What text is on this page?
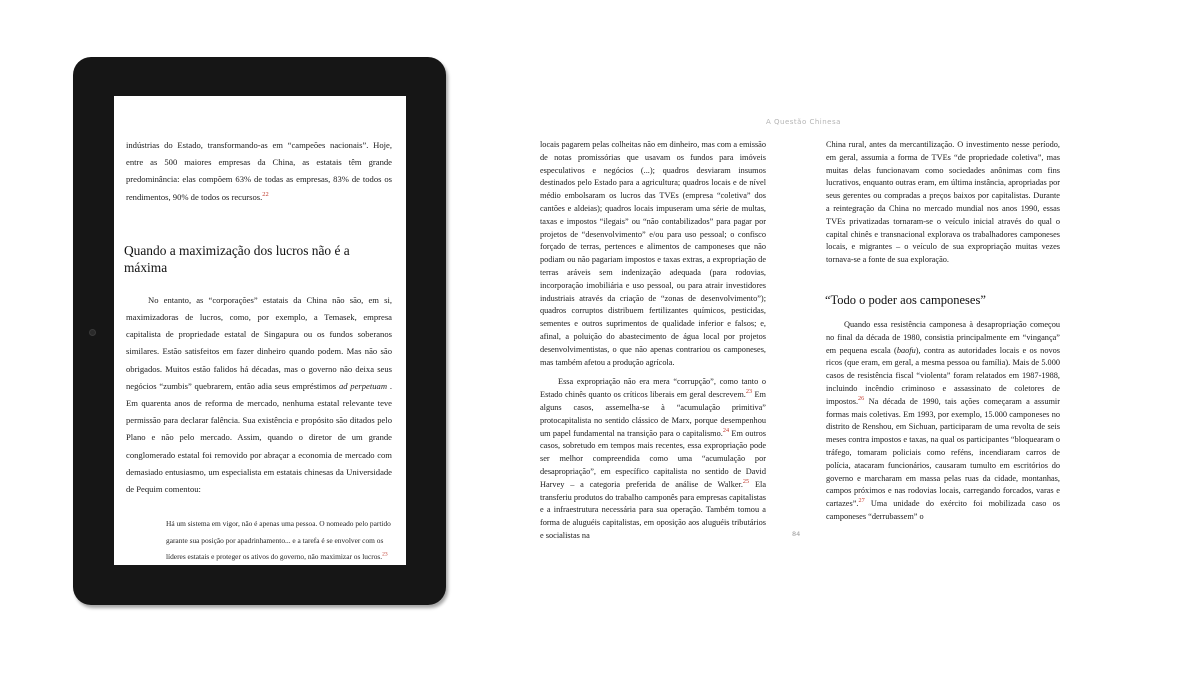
indústrias do Estado, transformando-as em “campeões nacionais”. Hoje, entre as 500 maiores empresas da China, as estatais têm grande predominância: elas compõem 63% de todas as empresas, 83% de todos os rendimentos, 90% de todos os recursos.$^{22}$

Quando a maximização dos lucros não é a máxima

No entanto, as “corporações” estatais da China não são, em si, maximizadoras de lucros, como, por exemplo, a Temasek, empresa capitalista de propriedade estatal de Singapura ou os fundos soberanos similares. Estão satisfeitos em fazer dinheiro quando podem. Mas não são obrigados. Muitos estão falidos há décadas, mas o governo não deixa seus negócios “zumbis” quebrarem, então adia seus empréstimos ad perpetuam . Em quarenta anos de reforma de mercado, nenhuma estatal relevante teve permissão para declarar falência. Sua existência e propósito são ditados pelo Plano e não pelo mercado. Assim, quando o diretor de um grande conglomerado estatal foi removido por abraçar a economia de mercado com demasiado entusiasmo, um especialista em estatais chinesas da Universidade de Pequim comentou:

Há um sistema em vigor, não é apenas uma pessoa. O nomeado pelo partido garante sua posição por apadrinhamento... e a tarefa é se envolver com os líderes estatais e proteger os ativos do governo, não maximizar os lucros.$^{23}$

A Questão Chinesa

locais pagarem pelas colheitas não em dinheiro, mas com a emissão de notas promissórias que usavam os fundos para imóveis especulativos e negócios (...); quadros desviaram insumos destinados pelo Estado para a agricultura; quadros locais e de nível médio embolsaram os lucros das TVEs (empresa “coletiva” dos cantões e aldeias); quadros locais impuseram uma série de multas, taxas e impostos “ilegais” ou “não contabilizados” para pagar por projetos de “desenvolvimento” e/ou para uso pessoal; o confisco forçado de terras, pertences e alimentos de camponeses que não podiam ou não pagariam impostos e taxas extras, a expropriação de terras aráveis sem indenização adequada (para rodovias, incorporação imobiliária e uso pessoal, ou para atrair investidores industriais através da criação de “zonas de desenvolvimento”); quadros corruptos distribuem fertilizantes químicos, pesticidas, sementes e outros suprimentos de qualidade inferior e falsos; e, afinal, a poluição do abastecimento de água local por projetos desenvolvimentistas, o que não apenas contrariou os camponeses, mas também afetou a produção agrícola.

Essa expropriação não era mera “corrupção”, como tanto o Estado chinês quanto os críticos liberais em geral descrevem.$^{23}$ Em alguns casos, assemelha-se à “acumulação primitiva” protocapitalista no sentido clássico de Marx, porque desempenhou um papel fundamental na transição para o capitalismo.$^{24}$ Em outros casos, sobretudo em tempos mais recentes, essa expropriação pode ser melhor compreendida como uma “acumulação por desapropriação”, em específico capitalista no sentido de David Harvey – a categoria preferida de análise de Walker.$^{25}$ Ela transferiu produtos do trabalho camponês para empresas capitalistas e a infraestrutura necessária para sua operação. Também tomou a forma de aluguéis capitalistas, em oposição aos aluguéis tributários e socialistas na

China rural, antes da mercantilização. O investimento nesse período, em geral, assumia a forma de TVEs “de propriedade coletiva”, mas muitas delas funcionavam como sociedades anônimas com fins lucrativos, enquanto outras eram, em última instância, apropriadas por seus gerentes ou compradas a preços baixos por capitalistas. Durante a reintegração da China no mercado mundial nos anos 1990, essas TVEs privatizadas tornaram-se o veículo inicial através do qual o capital chinês e transnacional explorava os trabalhadores camponeses locais, e migrantes – o veículo de sua expropriação muitas vezes tornava-se a fonte de sua exploração.

“Todo o poder aos camponeses”

Quando essa resistência camponesa à desapropriação começou no final da década de 1980, consistia principalmente em “vingança” em pequena escala (baofu), contra as autoridades locais e os novos ricos (que eram, em geral, a mesma pessoa ou família). Mais de 5.000 casos de resistência fiscal “violenta” foram relatados em 1987-1988, incluindo incêndio criminoso e assassinato de coletores de impostos.$^{26}$ Na década de 1990, tais ações começaram a assumir formas mais coletivas. Em 1993, por exemplo, 15.000 camponeses no distrito de Renshou, em Sichuan, participaram de uma revolta de seis meses contra impostos e taxas, na qual os participantes “bloquearam o tráfego, tomaram policiais como reféns, incendiaram carros de polícia, atacaram funcionários, causaram tumulto em escritórios do governo e marcharam em massa pelas ruas da cidade, montanhas, campos próximos e nas rodovias locais, carregando forcados, varas e cartazes”.$^{27}$ Uma unidade do exército foi mobilizada caso os camponeses “derrubassem” o

84
